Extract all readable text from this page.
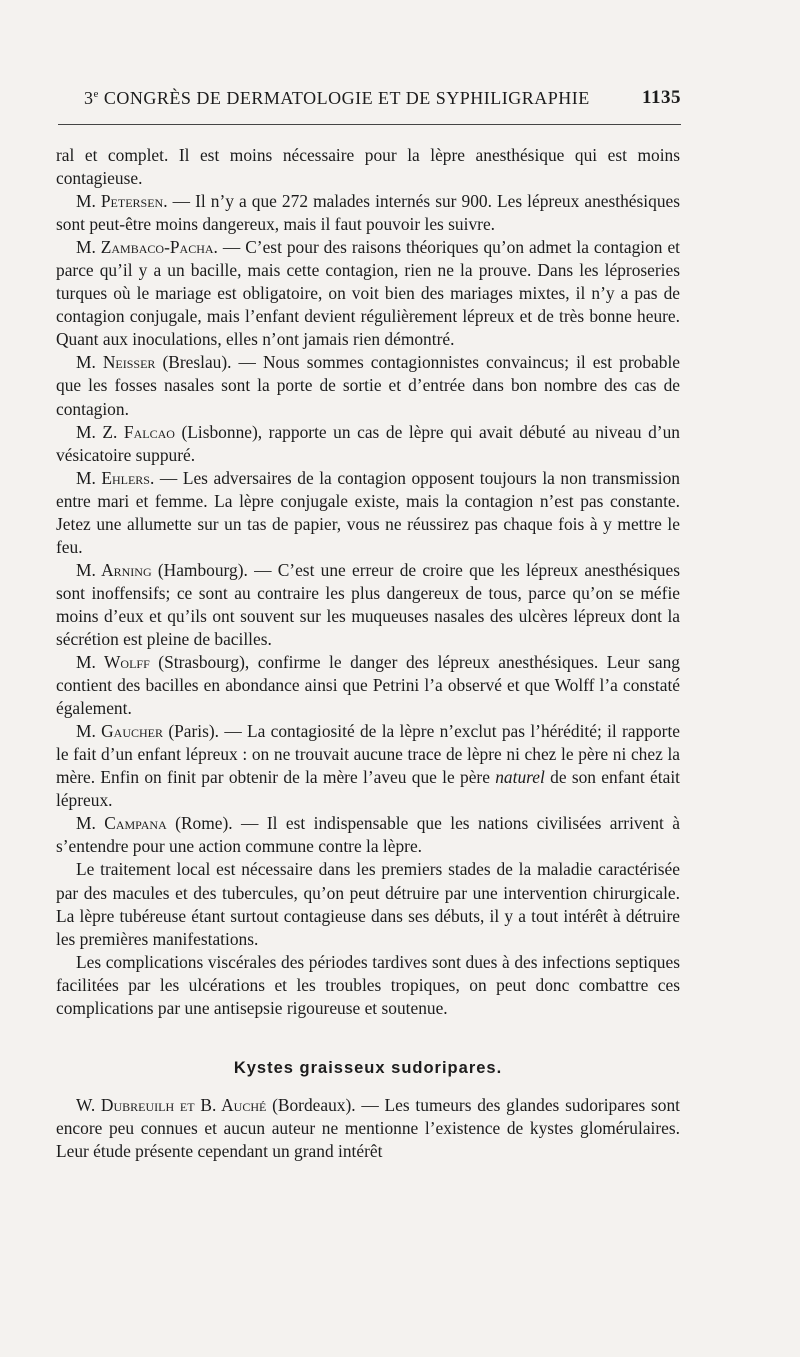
3e CONGRÈS DE DERMATOLOGIE ET DE SYPHILIGRAPHIE	1135

ral et complet. Il est moins nécessaire pour la lèpre anesthésique qui est moins contagieuse.

M. Petersen. — Il n’y a que 272 malades internés sur 900. Les lépreux anesthésiques sont peut-être moins dangereux, mais il faut pouvoir les suivre.

M. Zambaco-Pacha. — C’est pour des raisons théoriques qu’on admet la contagion et parce qu’il y a un bacille, mais cette contagion, rien ne la prouve. Dans les léproseries turques où le mariage est obligatoire, on voit bien des mariages mixtes, il n’y a pas de contagion conjugale, mais l’enfant devient régulièrement lépreux et de très bonne heure. Quant aux inoculations, elles n’ont jamais rien démontré.

M. Neisser (Breslau). — Nous sommes contagionnistes convaincus; il est probable que les fosses nasales sont la porte de sortie et d’entrée dans bon nombre des cas de contagion.

M. Z. Falcao (Lisbonne), rapporte un cas de lèpre qui avait débuté au niveau d’un vésicatoire suppuré.

M. Ehlers. — Les adversaires de la contagion opposent toujours la non transmission entre mari et femme. La lèpre conjugale existe, mais la contagion n’est pas constante. Jetez une allumette sur un tas de papier, vous ne réussirez pas chaque fois à y mettre le feu.

M. Arning (Hambourg). — C’est une erreur de croire que les lépreux anesthésiques sont inoffensifs; ce sont au contraire les plus dangereux de tous, parce qu’on se méfie moins d’eux et qu’ils ont souvent sur les muqueuses nasales des ulcères lépreux dont la sécrétion est pleine de bacilles.

M. Wolff (Strasbourg), confirme le danger des lépreux anesthésiques. Leur sang contient des bacilles en abondance ainsi que Petrini l’a observé et que Wolff l’a constaté également.

M. Gaucher (Paris). — La contagiosité de la lèpre n’exclut pas l’hérédité; il rapporte le fait d’un enfant lépreux : on ne trouvait aucune trace de lèpre ni chez le père ni chez la mère. Enfin on finit par obtenir de la mère l’aveu que le père naturel de son enfant était lépreux.

M. Campana (Rome). — Il est indispensable que les nations civilisées arrivent à s’entendre pour une action commune contre la lèpre.

Le traitement local est nécessaire dans les premiers stades de la maladie caractérisée par des macules et des tubercules, qu’on peut détruire par une intervention chirurgicale. La lèpre tubéreuse étant surtout contagieuse dans ses débuts, il y a tout intérêt à détruire les premières manifestations.

Les complications viscérales des périodes tardives sont dues à des infections septiques facilitées par les ulcérations et les troubles tropiques, on peut donc combattre ces complications par une antisepsie rigoureuse et soutenue.

Kystes graisseux sudoripares.

W. Dubreuilh et B. Auché (Bordeaux). — Les tumeurs des glandes sudoripares sont encore peu connues et aucun auteur ne mentionne l’existence de kystes glomérulaires. Leur étude présente cependant un grand intérêt
